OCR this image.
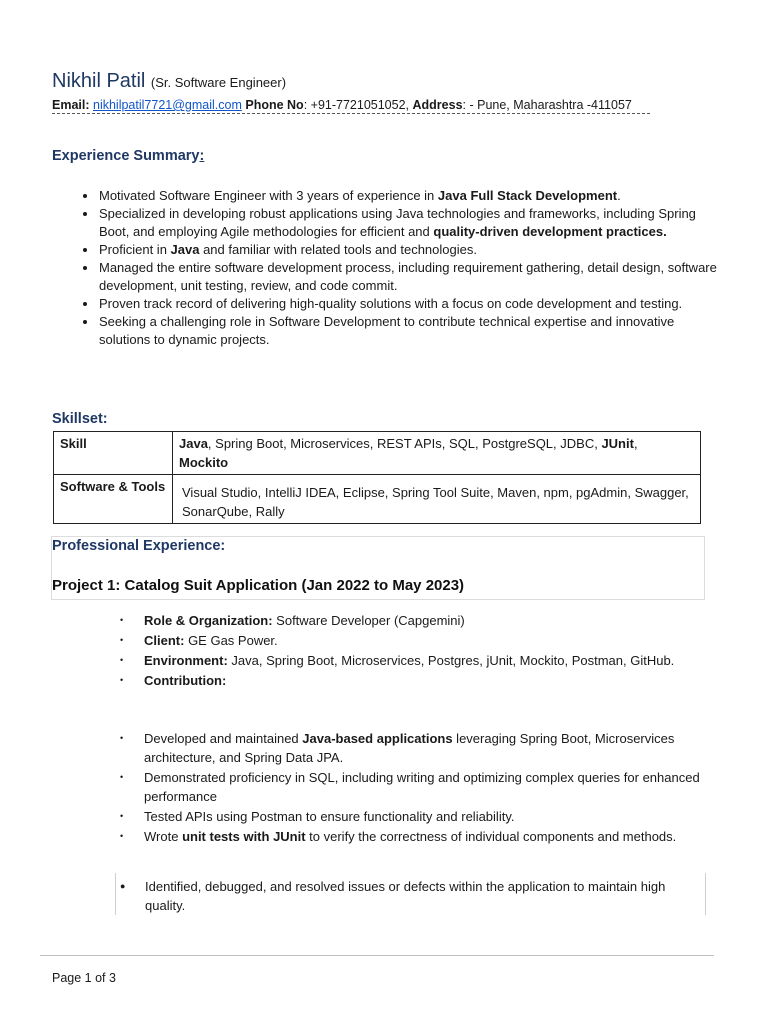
Nikhil Patil (Sr. Software Engineer)
Email: nikhilpatil7721@gmail.com Phone No: +91-7721051052, Address: - Pune, Maharashtra -411057
Experience Summary:
• Motivated Software Engineer with 3 years of experience in Java Full Stack Development.
• Specialized in developing robust applications using Java technologies and frameworks, including Spring Boot, and employing Agile methodologies for efficient and quality-driven development practices.
• Proficient in Java and familiar with related tools and technologies.
• Managed the entire software development process, including requirement gathering, detail design, software development, unit testing, review, and code commit.
• Proven track record of delivering high-quality solutions with a focus on code development and testing.
• Seeking a challenging role in Software Development to contribute technical expertise and innovative solutions to dynamic projects.
Skillset:
Skill	Java, Spring Boot, Microservices, REST APIs, SQL, PostgreSQL, JDBC, JUnit,
Mockito
Software & Tools	Visual Studio, IntelliJ IDEA, Eclipse, Spring Tool Suite, Maven, npm, pgAdmin, Swagger, SonarQube, Rally
Professional Experience:
Project 1: Catalog Suit Application (Jan 2022 to May 2023)
• Role & Organization: Software Developer (Capgemini)
• Client: GE Gas Power.
• Environment: Java, Spring Boot, Microservices, Postgres, jUnit, Mockito, Postman, GitHub.
• Contribution:
• Developed and maintained Java-based applications leveraging Spring Boot, Microservices architecture, and Spring Data JPA.
• Demonstrated proficiency in SQL, including writing and optimizing complex queries for enhanced performance
• Tested APIs using Postman to ensure functionality and reliability.
• Wrote unit tests with JUnit to verify the correctness of individual components and methods.
●	Identified, debugged, and resolved issues or defects within the application to maintain high quality.
Page 1 of 3
